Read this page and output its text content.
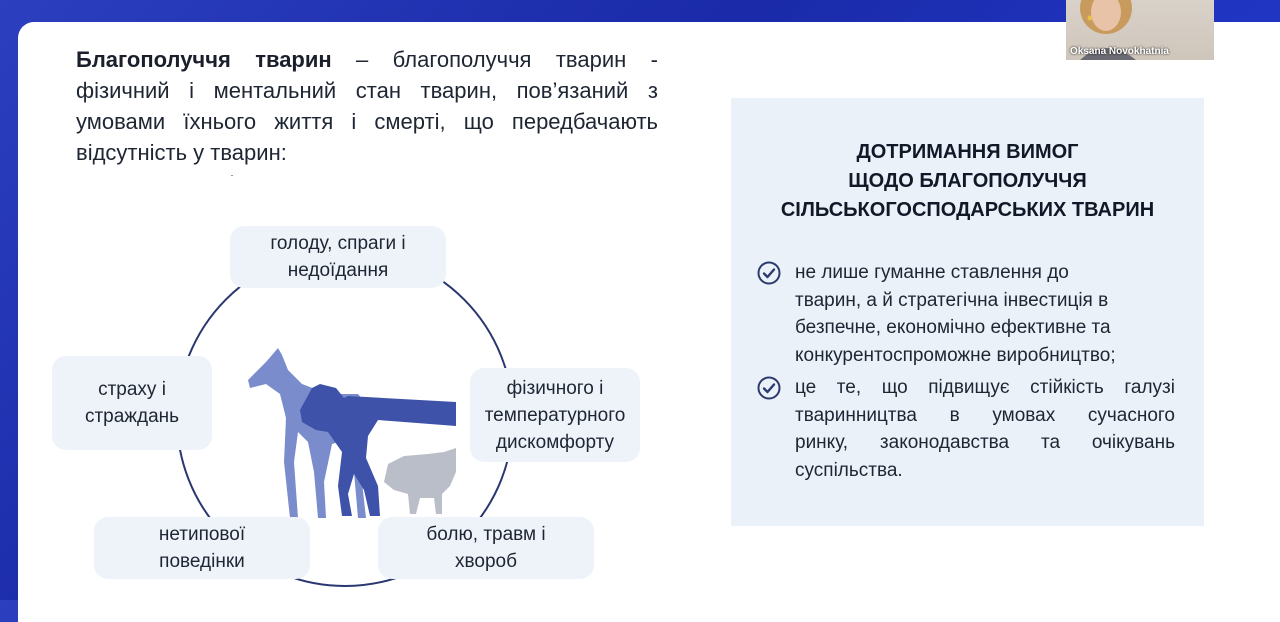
Благополуччя тварин – благополуччя тварин - фізичний і ментальний стан тварин, пов’язаний з умовами їхнього життя і смерті, що передбачають відсутність у тварин:

голоду, спраги і
недоїдання
страху і
страждань
фізичного і
температурного
дискомфорту
нетипової
поведінки
болю, травм і
хвороб
ДОТРИМАННЯ ВИМОГ
ЩОДО БЛАГОПОЛУЧЧЯ
СІЛЬСЬКОГОСПОДАРСЬКИХ ТВАРИН

не лише гуманне ставлення до
тварин, а й стратегічна інвестиція в
безпечне, економічно ефективне та
конкурентоспроможне виробництво;

це те, що підвищує стійкість галузі
тваринництва в умовах сучасного
ринку, законодавства та очікувань
суспільства.

Oksana Novokhatnia
